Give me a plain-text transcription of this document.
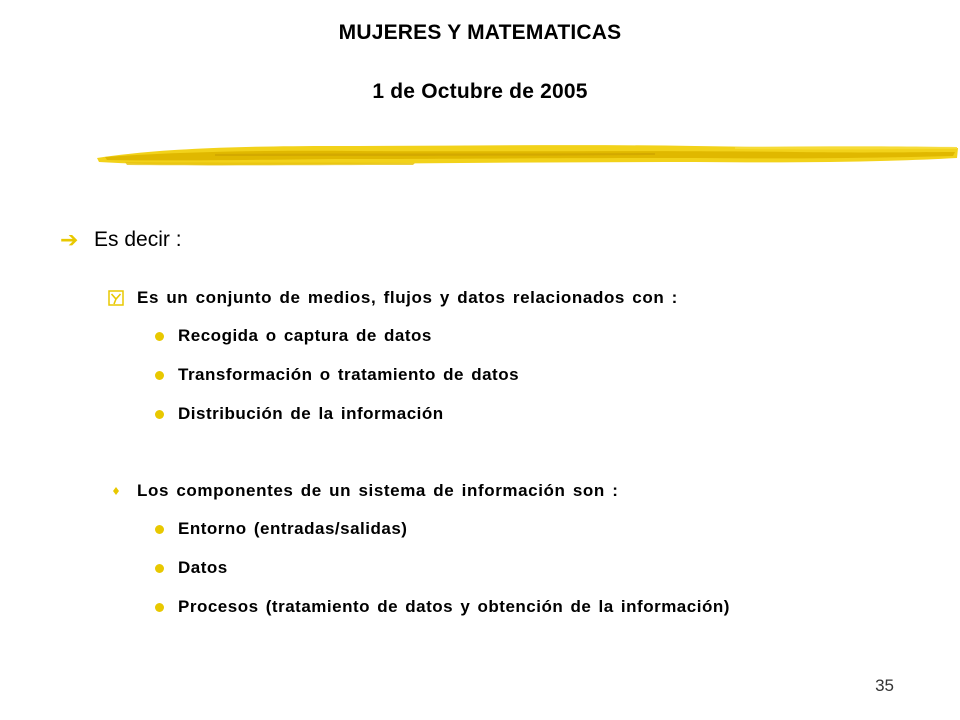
MUJERES Y MATEMATICAS
1 de Octubre de 2005
➔ Es decir :
Es un conjunto de medios, flujos y datos relacionados con :
Recogida o captura de datos
Transformación o tratamiento de datos
Distribución de la información
Los componentes de un sistema de información son :
Entorno (entradas/salidas)
Datos
Procesos (tratamiento de datos y obtención de la información)
35
